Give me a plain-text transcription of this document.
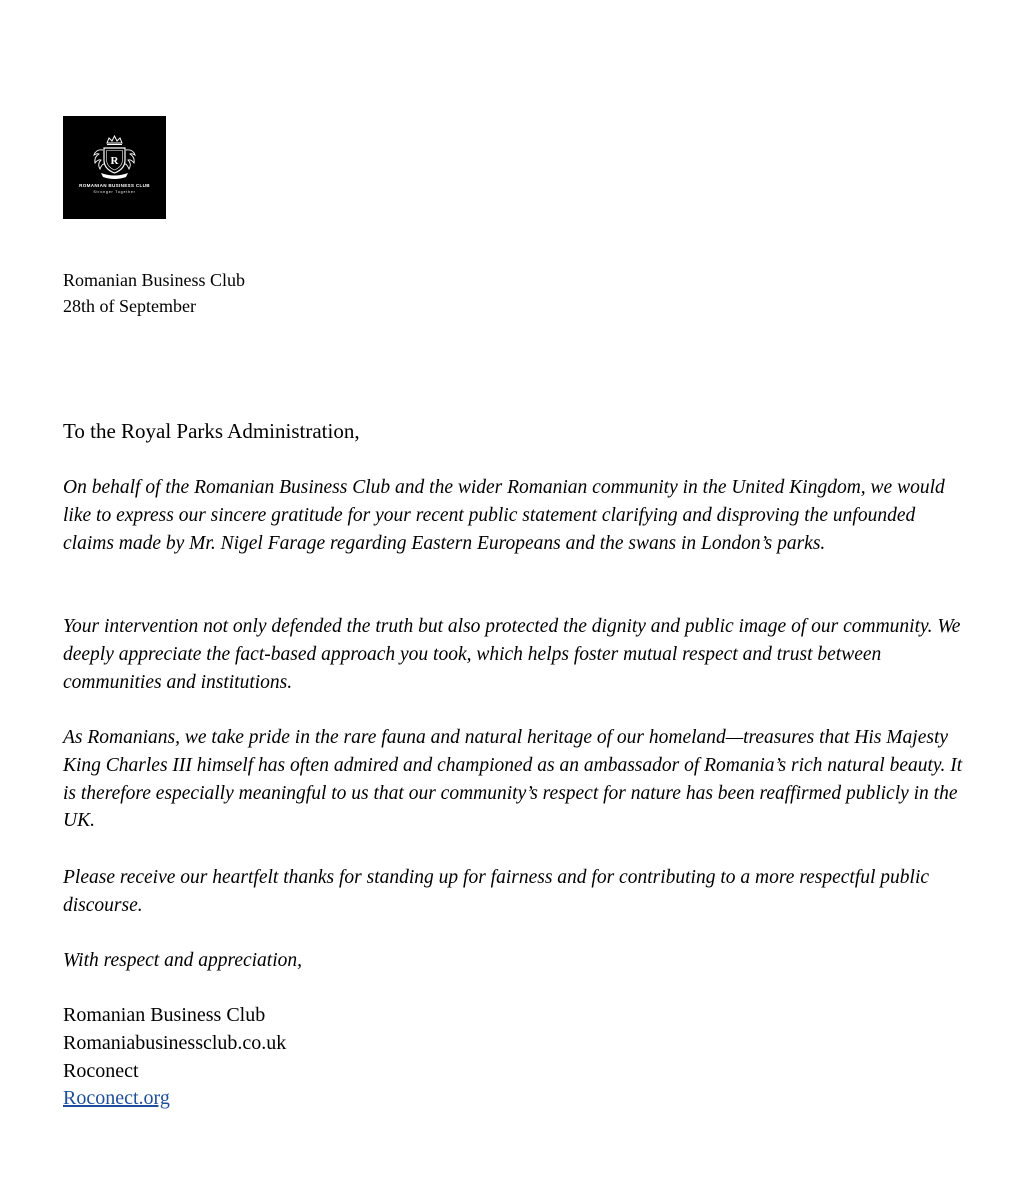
R
ROMANIAN BUSINESS CLUB
Stronger Together
Romanian Business Club
28th of September
To the Royal Parks Administration,

On behalf of the Romanian Business Club and the wider Romanian community in the United Kingdom, we would like to express our sincere gratitude for your recent public statement clarifying and disproving the unfounded claims made by Mr. Nigel Farage regarding Eastern Europeans and the swans in London’s parks.

Your intervention not only defended the truth but also protected the dignity and public image of our community. We deeply appreciate the fact-based approach you took, which helps foster mutual respect and trust between communities and institutions.

As Romanians, we take pride in the rare fauna and natural heritage of our homeland—treasures that His Majesty King Charles III himself has often admired and championed as an ambassador of Romania’s rich natural beauty. It is therefore especially meaningful to us that our community’s respect for nature has been reaffirmed publicly in the UK.

Please receive our heartfelt thanks for standing up for fairness and for contributing to a more respectful public discourse.

With respect and appreciation,

Romanian Business Club
Romaniabusinessclub.co.uk
Roconect
Roconect.org
